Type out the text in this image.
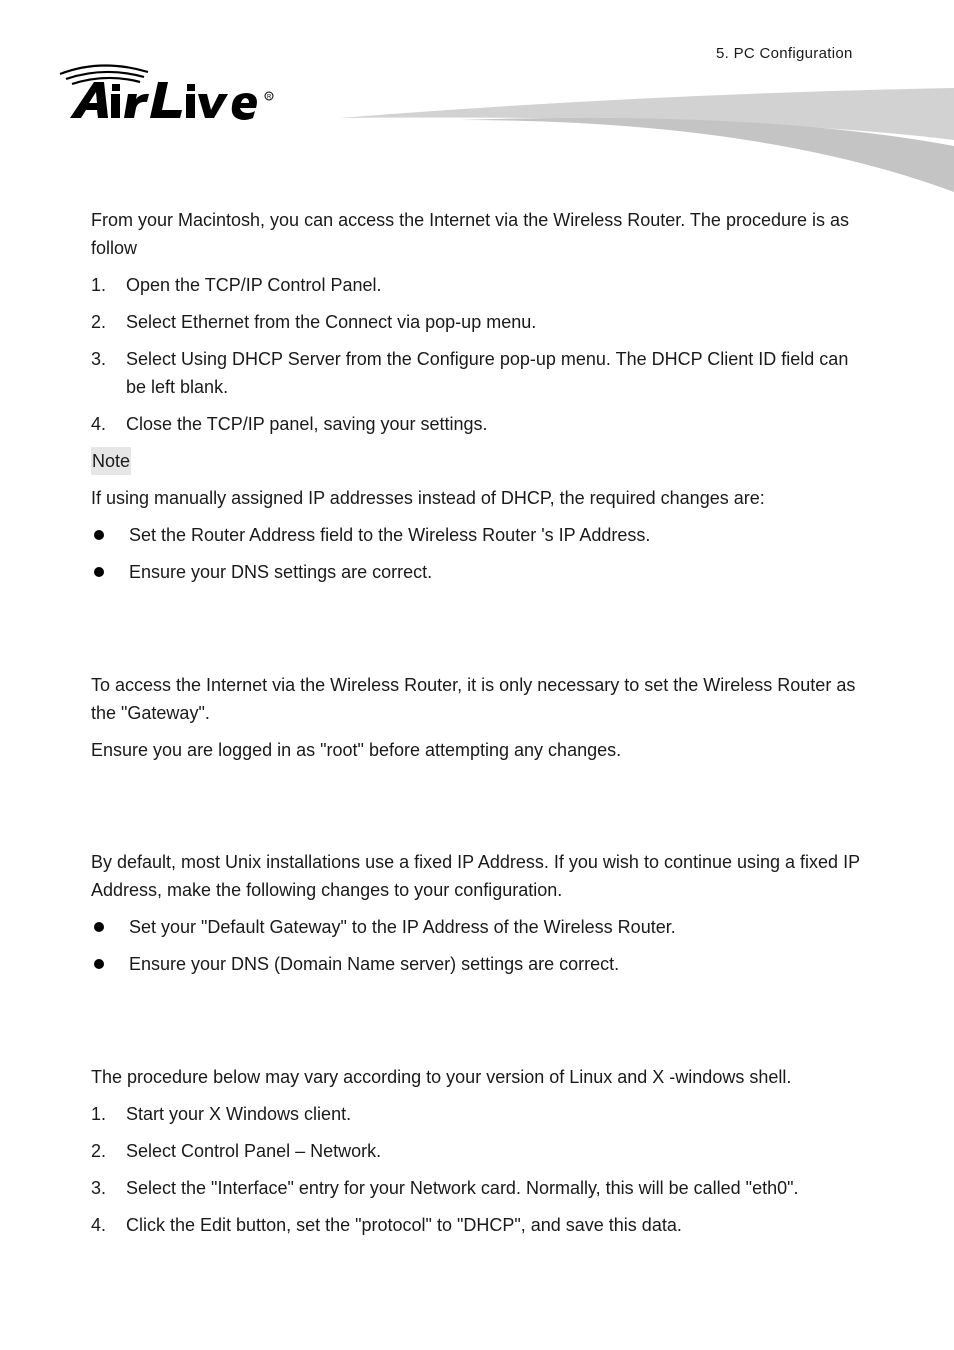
5. PC Configuration
R

From your Macintosh, you can access the Internet via the Wireless Router. The procedure is as follow

1.	Open the TCP/IP Control Panel.
2.	Select Ethernet from the Connect via pop-up menu.
3.	Select Using DHCP Server from the Configure pop-up menu. The DHCP Client ID field can be left blank.
4.	Close the TCP/IP panel, saving your settings.

Note

If using manually assigned IP addresses instead of DHCP, the required changes are:

Set the Router Address field to the Wireless Router 's IP Address.
Ensure your DNS settings are correct.

To access the Internet via the Wireless Router, it is only necessary to set the Wireless Router as the "Gateway".

Ensure you are logged in as "root" before attempting any changes.

By default, most Unix installations use a fixed IP Address. If you wish to continue using a fixed IP Address, make the following changes to your configuration.

Set your "Default Gateway" to the IP Address of the Wireless Router.
Ensure your DNS (Domain Name server) settings are correct.

The procedure below may vary according to your version of Linux and X -windows shell.

1.	Start your X Windows client.
2.	Select Control Panel – Network.
3.	Select the "Interface" entry for your Network card. Normally, this will be called "eth0".
4.	Click the Edit button, set the "protocol" to "DHCP", and save this data.
